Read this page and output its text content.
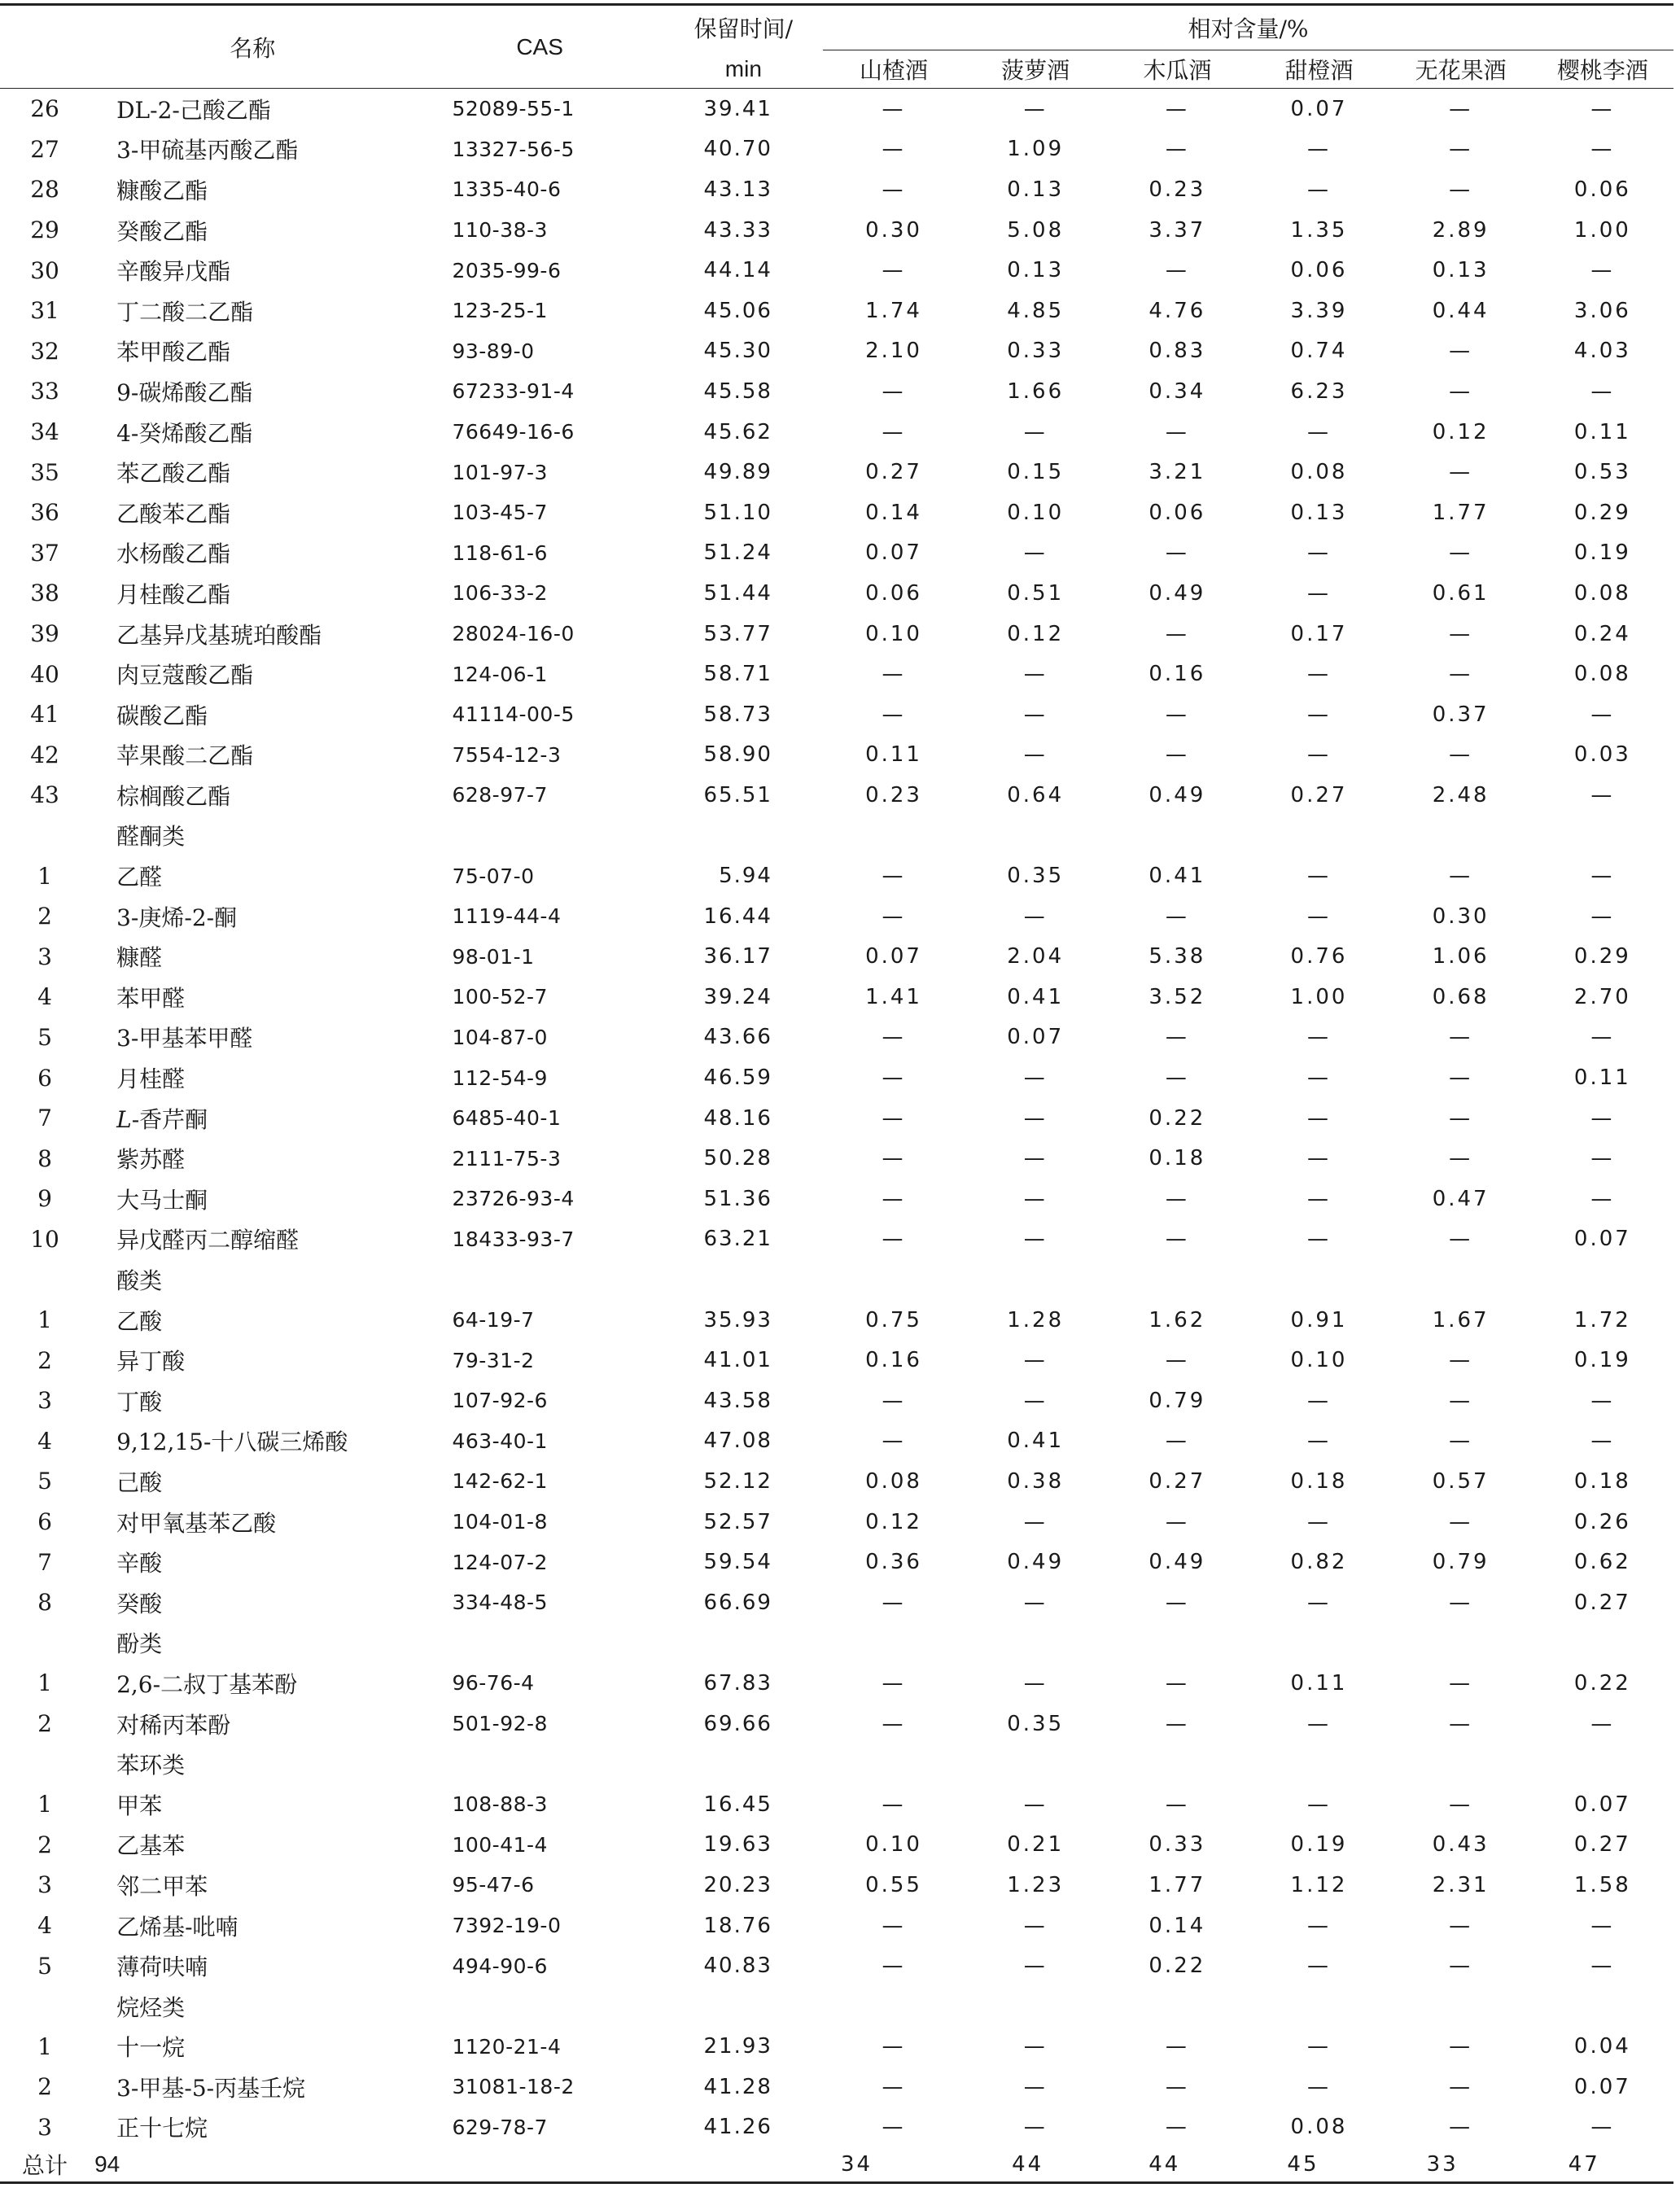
	名称	CAS	保留时间/	相对含量/%					
			min	山楂酒	菠萝酒	木瓜酒	甜橙酒	无花果酒	樱桃李酒
26	DL-2-己酸乙酯	52089-55-1	39.41	—	—	—	0.07	—	—
27	3-甲硫基丙酸乙酯	13327-56-5	40.70	—	1.09	—	—	—	—
28	糠酸乙酯	1335-40-6	43.13	—	0.13	0.23	—	—	0.06
29	癸酸乙酯	110-38-3	43.33	0.30	5.08	3.37	1.35	2.89	1.00
30	辛酸异戊酯	2035-99-6	44.14	—	0.13	—	0.06	0.13	—
31	丁二酸二乙酯	123-25-1	45.06	1.74	4.85	4.76	3.39	0.44	3.06
32	苯甲酸乙酯	93-89-0	45.30	2.10	0.33	0.83	0.74	—	4.03
33	9-碳烯酸乙酯	67233-91-4	45.58	—	1.66	0.34	6.23	—	—
34	4-癸烯酸乙酯	76649-16-6	45.62	—	—	—	—	0.12	0.11
35	苯乙酸乙酯	101-97-3	49.89	0.27	0.15	3.21	0.08	—	0.53
36	乙酸苯乙酯	103-45-7	51.10	0.14	0.10	0.06	0.13	1.77	0.29
37	水杨酸乙酯	118-61-6	51.24	0.07	—	—	—	—	0.19
38	月桂酸乙酯	106-33-2	51.44	0.06	0.51	0.49	—	0.61	0.08
39	乙基异戊基琥珀酸酯	28024-16-0	53.77	0.10	0.12	—	0.17	—	0.24
40	肉豆蔻酸乙酯	124-06-1	58.71	—	—	0.16	—	—	0.08
41	碳酸乙酯	41114-00-5	58.73	—	—	—	—	0.37	—
42	苹果酸二乙酯	7554-12-3	58.90	0.11	—	—	—	—	0.03
43	棕榈酸乙酯	628-97-7	65.51	0.23	0.64	0.49	0.27	2.48	—
	醛酮类								
1	乙醛	75-07-0	5.94	—	0.35	0.41	—	—	—
2	3-庚烯-2-酮	1119-44-4	16.44	—	—	—	—	0.30	—
3	糠醛	98-01-1	36.17	0.07	2.04	5.38	0.76	1.06	0.29
4	苯甲醛	100-52-7	39.24	1.41	0.41	3.52	1.00	0.68	2.70
5	3-甲基苯甲醛	104-87-0	43.66	—	0.07	—	—	—	—
6	月桂醛	112-54-9	46.59	—	—	—	—	—	0.11
7	L-香芹酮	6485-40-1	48.16	—	—	0.22	—	—	—
8	紫苏醛	2111-75-3	50.28	—	—	0.18	—	—	—
9	大马士酮	23726-93-4	51.36	—	—	—	—	0.47	—
10	异戊醛丙二醇缩醛	18433-93-7	63.21	—	—	—	—	—	0.07
	酸类								
1	乙酸	64-19-7	35.93	0.75	1.28	1.62	0.91	1.67	1.72
2	异丁酸	79-31-2	41.01	0.16	—	—	0.10	—	0.19
3	丁酸	107-92-6	43.58	—	—	0.79	—	—	—
4	9,12,15-十八碳三烯酸	463-40-1	47.08	—	0.41	—	—	—	—
5	己酸	142-62-1	52.12	0.08	0.38	0.27	0.18	0.57	0.18
6	对甲氧基苯乙酸	104-01-8	52.57	0.12	—	—	—	—	0.26
7	辛酸	124-07-2	59.54	0.36	0.49	0.49	0.82	0.79	0.62
8	癸酸	334-48-5	66.69	—	—	—	—	—	0.27
	酚类								
1	2,6-二叔丁基苯酚	96-76-4	67.83	—	—	—	0.11	—	0.22
2	对稀丙苯酚	501-92-8	69.66	—	0.35	—	—	—	—
	苯环类								
1	甲苯	108-88-3	16.45	—	—	—	—	—	0.07
2	乙基苯	100-41-4	19.63	0.10	0.21	0.33	0.19	0.43	0.27
3	邻二甲苯	95-47-6	20.23	0.55	1.23	1.77	1.12	2.31	1.58
4	乙烯基-吡喃	7392-19-0	18.76	—	—	0.14	—	—	—
5	薄荷呋喃	494-90-6	40.83	—	—	0.22	—	—	—
	烷烃类								
1	十一烷	1120-21-4	21.93	—	—	—	—	—	0.04
2	3-甲基-5-丙基壬烷	31081-18-2	41.28	—	—	—	—	—	0.07
3	正十七烷	629-78-7	41.26	—	—	—	0.08	—	—
总计	94			34	44	44	45	33	47
